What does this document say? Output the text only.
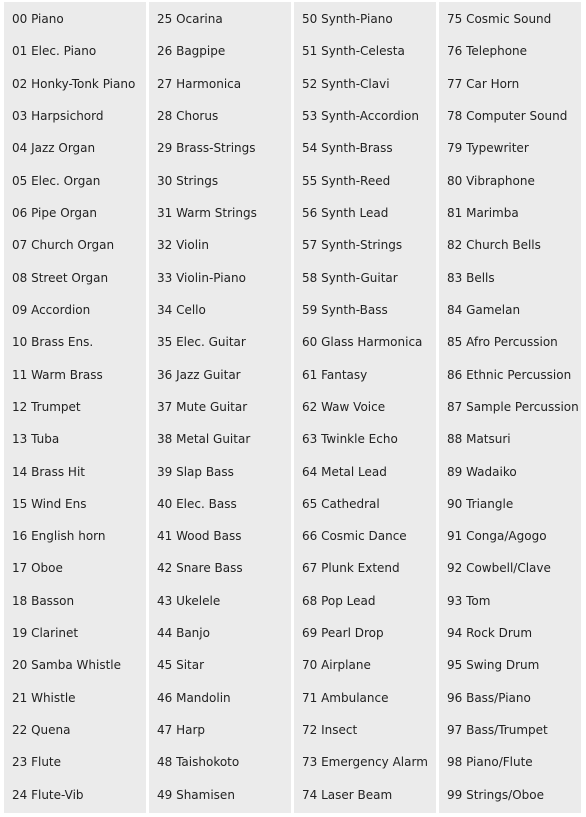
00 Piano
01 Elec. Piano
02 Honky-Tonk Piano
03 Harpsichord
04 Jazz Organ
05 Elec. Organ
06 Pipe Organ
07 Church Organ
08 Street Organ
09 Accordion
10 Brass Ens.
11 Warm Brass
12 Trumpet
13 Tuba
14 Brass Hit
15 Wind Ens
16 English horn
17 Oboe
18 Basson
19 Clarinet
20 Samba Whistle
21 Whistle
22 Quena
23 Flute
24 Flute-Vib
25 Ocarina
26 Bagpipe
27 Harmonica
28 Chorus
29 Brass-Strings
30 Strings
31 Warm Strings
32 Violin
33 Violin-Piano
34 Cello
35 Elec. Guitar
36 Jazz Guitar
37 Mute Guitar
38 Metal Guitar
39 Slap Bass
40 Elec. Bass
41 Wood Bass
42 Snare Bass
43 Ukelele
44 Banjo
45 Sitar
46 Mandolin
47 Harp
48 Taishokoto
49 Shamisen
50 Synth-Piano
51 Synth-Celesta
52 Synth-Clavi
53 Synth-Accordion
54 Synth-Brass
55 Synth-Reed
56 Synth Lead
57 Synth-Strings
58 Synth-Guitar
59 Synth-Bass
60 Glass Harmonica
61 Fantasy
62 Waw Voice
63 Twinkle Echo
64 Metal Lead
65 Cathedral
66 Cosmic Dance
67 Plunk Extend
68 Pop Lead
69 Pearl Drop
70 Airplane
71 Ambulance
72 Insect
73 Emergency Alarm
74 Laser Beam
75 Cosmic Sound
76 Telephone
77 Car Horn
78 Computer Sound
79 Typewriter
80 Vibraphone
81 Marimba
82 Church Bells
83 Bells
84 Gamelan
85 Afro Percussion
86 Ethnic Percussion
87 Sample Percussion
88 Matsuri
89 Wadaiko
90 Triangle
91 Conga/Agogo
92 Cowbell/Clave
93 Tom
94 Rock Drum
95 Swing Drum
96 Bass/Piano
97 Bass/Trumpet
98 Piano/Flute
99 Strings/Oboe
